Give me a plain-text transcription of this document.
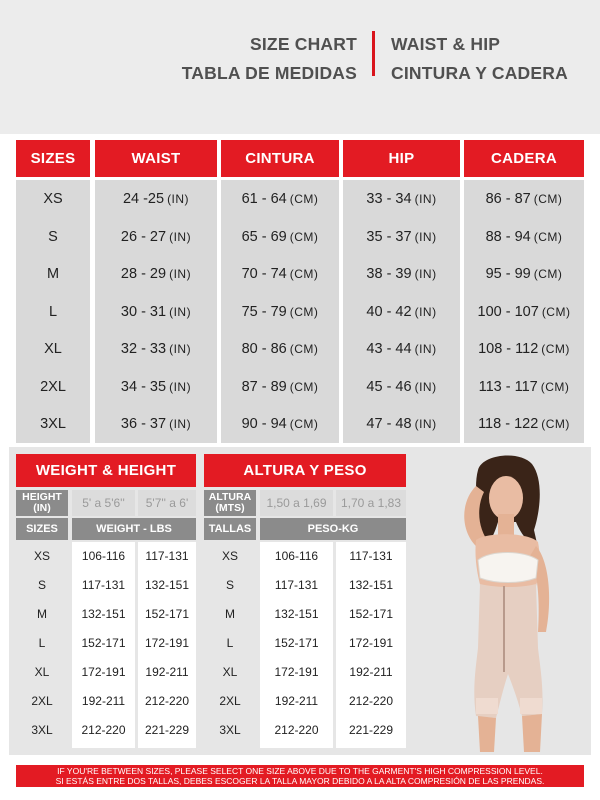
SIZE CHART
TABLA DE MEDIDAS
WAIST & HIP
CINTURA Y CADERA
SIZES	WAIST	CINTURA	HIP	CADERA
XS	24 -25 (IN)	61 - 64 (CM)	33 - 34 (IN)	86 - 87 (CM)
S	26 - 27 (IN)	65 - 69 (CM)	35 - 37 (IN)	88 - 94 (CM)
M	28 - 29 (IN)	70 - 74 (CM)	38 - 39 (IN)	95 - 99 (CM)
L	30 - 31 (IN)	75 - 79 (CM)	40 - 42 (IN)	100 - 107 (CM)
XL	32 - 33 (IN)	80 - 86 (CM)	43 - 44 (IN)	108 - 112 (CM)
2XL	34 - 35 (IN)	87 - 89 (CM)	45 - 46 (IN)	113 - 117 (CM)
3XL	36 - 37 (IN)	90 - 94 (CM)	47 - 48 (IN)	118 - 122 (CM)
WEIGHT & HEIGHT
HEIGHT
(IN)	5' a 5'6''	5'7'' a 6'
SIZES	WEIGHT - LBS
XS	106-116	117-131
S	117-131	132-151
M	132-151	152-171
L	152-171	172-191
XL	172-191	192-211
2XL	192-211	212-220
3XL	212-220	221-229
ALTURA Y PESO
ALTURA
(MTS)	1,50 a 1,69	1,70 a 1,83
TALLAS	PESO-KG
XS	106-116	117-131
S	117-131	132-151
M	132-151	152-171
L	152-171	172-191
XL	172-191	192-211
2XL	192-211	212-220
3XL	212-220	221-229
IF YOU'RE BETWEEN SIZES, PLEASE SELECT ONE SIZE ABOVE DUE TO THE GARMENT'S HIGH COMPRESSION LEVEL.
SI ESTÁS ENTRE DOS TALLAS, DEBES ESCOGER LA TALLA MAYOR DEBIDO A LA ALTA COMPRESIÓN DE LAS PRENDAS.
